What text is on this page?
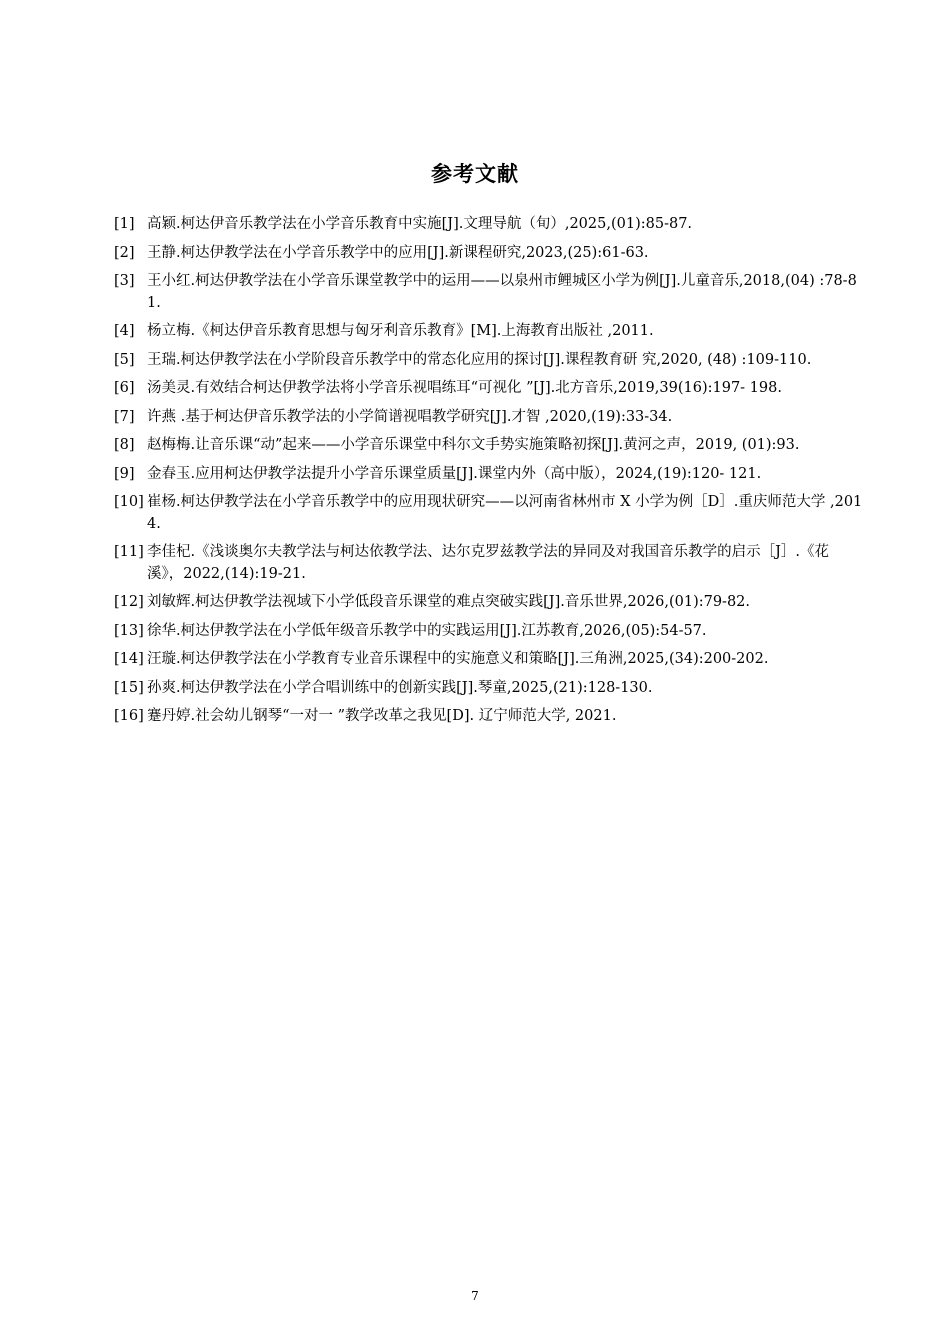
参考文献
[1] 高颖.柯达伊音乐教学法在小学音乐教育中实施[J].文理导航（旬）,2025,(01):85-87.
[2] 王静.柯达伊教学法在小学音乐教学中的应用[J].新课程研究,2023,(25):61-63.
[3] 王小红.柯达伊教学法在小学音乐课堂教学中的运用——以泉州市鲤城区小学为例[J].儿童音乐,2018,(04) :78-81.
[4] 杨立梅.《柯达伊音乐教育思想与匈牙利音乐教育》[M].上海教育出版社 ,2011.
[5] 王瑞.柯达伊教学法在小学阶段音乐教学中的常态化应用的探讨[J].课程教育研 究,2020, (48) :109-110.
[6] 汤美灵.有效结合柯达伊教学法将小学音乐视唱练耳“可视化 ”[J].北方音乐,2019,39(16):197- 198.
[7] 许燕 .基于柯达伊音乐教学法的小学简谱视唱教学研究[J].才智 ,2020,(19):33-34.
[8] 赵梅梅.让音乐课“动”起来——小学音乐课堂中科尔文手势实施策略初探[J].黄河之声，2019, (01):93.
[9] 金春玉.应用柯达伊教学法提升小学音乐课堂质量[J].课堂内外（高中版），2024,(19):120- 121.
[10] 崔杨.柯达伊教学法在小学音乐教学中的应用现状研究——以河南省林州市 X 小学为例［D］.重庆师范大学 ,2014.
[11] 李佳杞.《浅谈奥尔夫教学法与柯达依教学法、达尔克罗兹教学法的异同及对我国音乐教学的启示［J］.《花溪》，2022,(14):19-21.
[12] 刘敏辉.柯达伊教学法视域下小学低段音乐课堂的难点突破实践[J].音乐世界,2026,(01):79-82.
[13] 徐华.柯达伊教学法在小学低年级音乐教学中的实践运用[J].江苏教育,2026,(05):54-57.
[14] 汪璇.柯达伊教学法在小学教育专业音乐课程中的实施意义和策略[J].三角洲,2025,(34):200-202.
[15] 孙爽.柯达伊教学法在小学合唱训练中的创新实践[J].琴童,2025,(21):128-130.
[16] 蹇丹婷.社会幼儿钢琴“一对一 ”教学改革之我见[D]. 辽宁师范大学, 2021.
7
